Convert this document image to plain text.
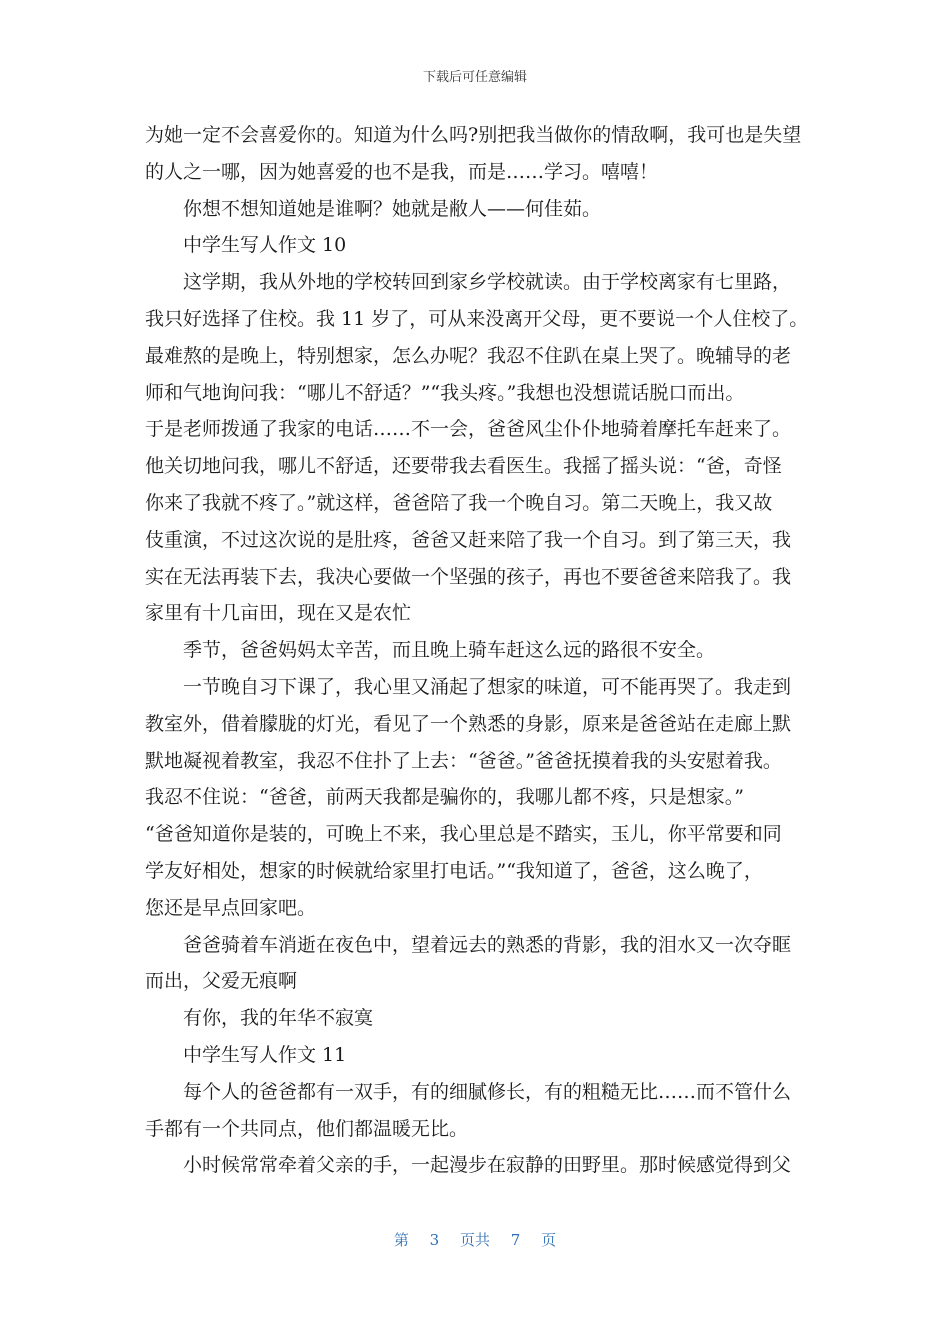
下载后可任意编辑
为她一定不会喜爱你的。知道为什么吗?别把我当做你的情敌啊，我可也是失望
的人之一哪，因为她喜爱的也不是我，而是……学习。嘻嘻！
你想不想知道她是谁啊？她就是敝人——何佳茹。
中学生写人作文 10
这学期，我从外地的学校转回到家乡学校就读。由于学校离家有七里路，
我只好选择了住校。我 11 岁了，可从来没离开父母，更不要说一个人住校了。
最难熬的是晚上，特别想家，怎么办呢？我忍不住趴在桌上哭了。晚辅导的老
师和气地询问我：“哪儿不舒适？”“我头疼。”我想也没想谎话脱口而出。
于是老师拨通了我家的电话……不一会，爸爸风尘仆仆地骑着摩托车赶来了。
他关切地问我，哪儿不舒适，还要带我去看医生。我摇了摇头说：“爸，奇怪
你来了我就不疼了。”就这样，爸爸陪了我一个晚自习。第二天晚上，我又故
伎重演，不过这次说的是肚疼，爸爸又赶来陪了我一个自习。到了第三天，我
实在无法再装下去，我决心要做一个坚强的孩子，再也不要爸爸来陪我了。我
家里有十几亩田，现在又是农忙
季节，爸爸妈妈太辛苦，而且晚上骑车赶这么远的路很不安全。
一节晚自习下课了，我心里又涌起了想家的味道，可不能再哭了。我走到
教室外，借着朦胧的灯光，看见了一个熟悉的身影，原来是爸爸站在走廊上默
默地凝视着教室，我忍不住扑了上去：“爸爸。”爸爸抚摸着我的头安慰着我。
我忍不住说：“爸爸，前两天我都是骗你的，我哪儿都不疼，只是想家。”
“爸爸知道你是装的，可晚上不来，我心里总是不踏实，玉儿，你平常要和同
学友好相处，想家的时候就给家里打电话。”“我知道了，爸爸，这么晚了，
您还是早点回家吧。
爸爸骑着车消逝在夜色中，望着远去的熟悉的背影，我的泪水又一次夺眶
而出，父爱无痕啊
有你，我的年华不寂寞
中学生写人作文 11
每个人的爸爸都有一双手，有的细腻修长，有的粗糙无比……而不管什么
手都有一个共同点，他们都温暖无比。
小时候常常牵着父亲的手，一起漫步在寂静的田野里。那时候感觉得到父
第 3 页共 7 页
